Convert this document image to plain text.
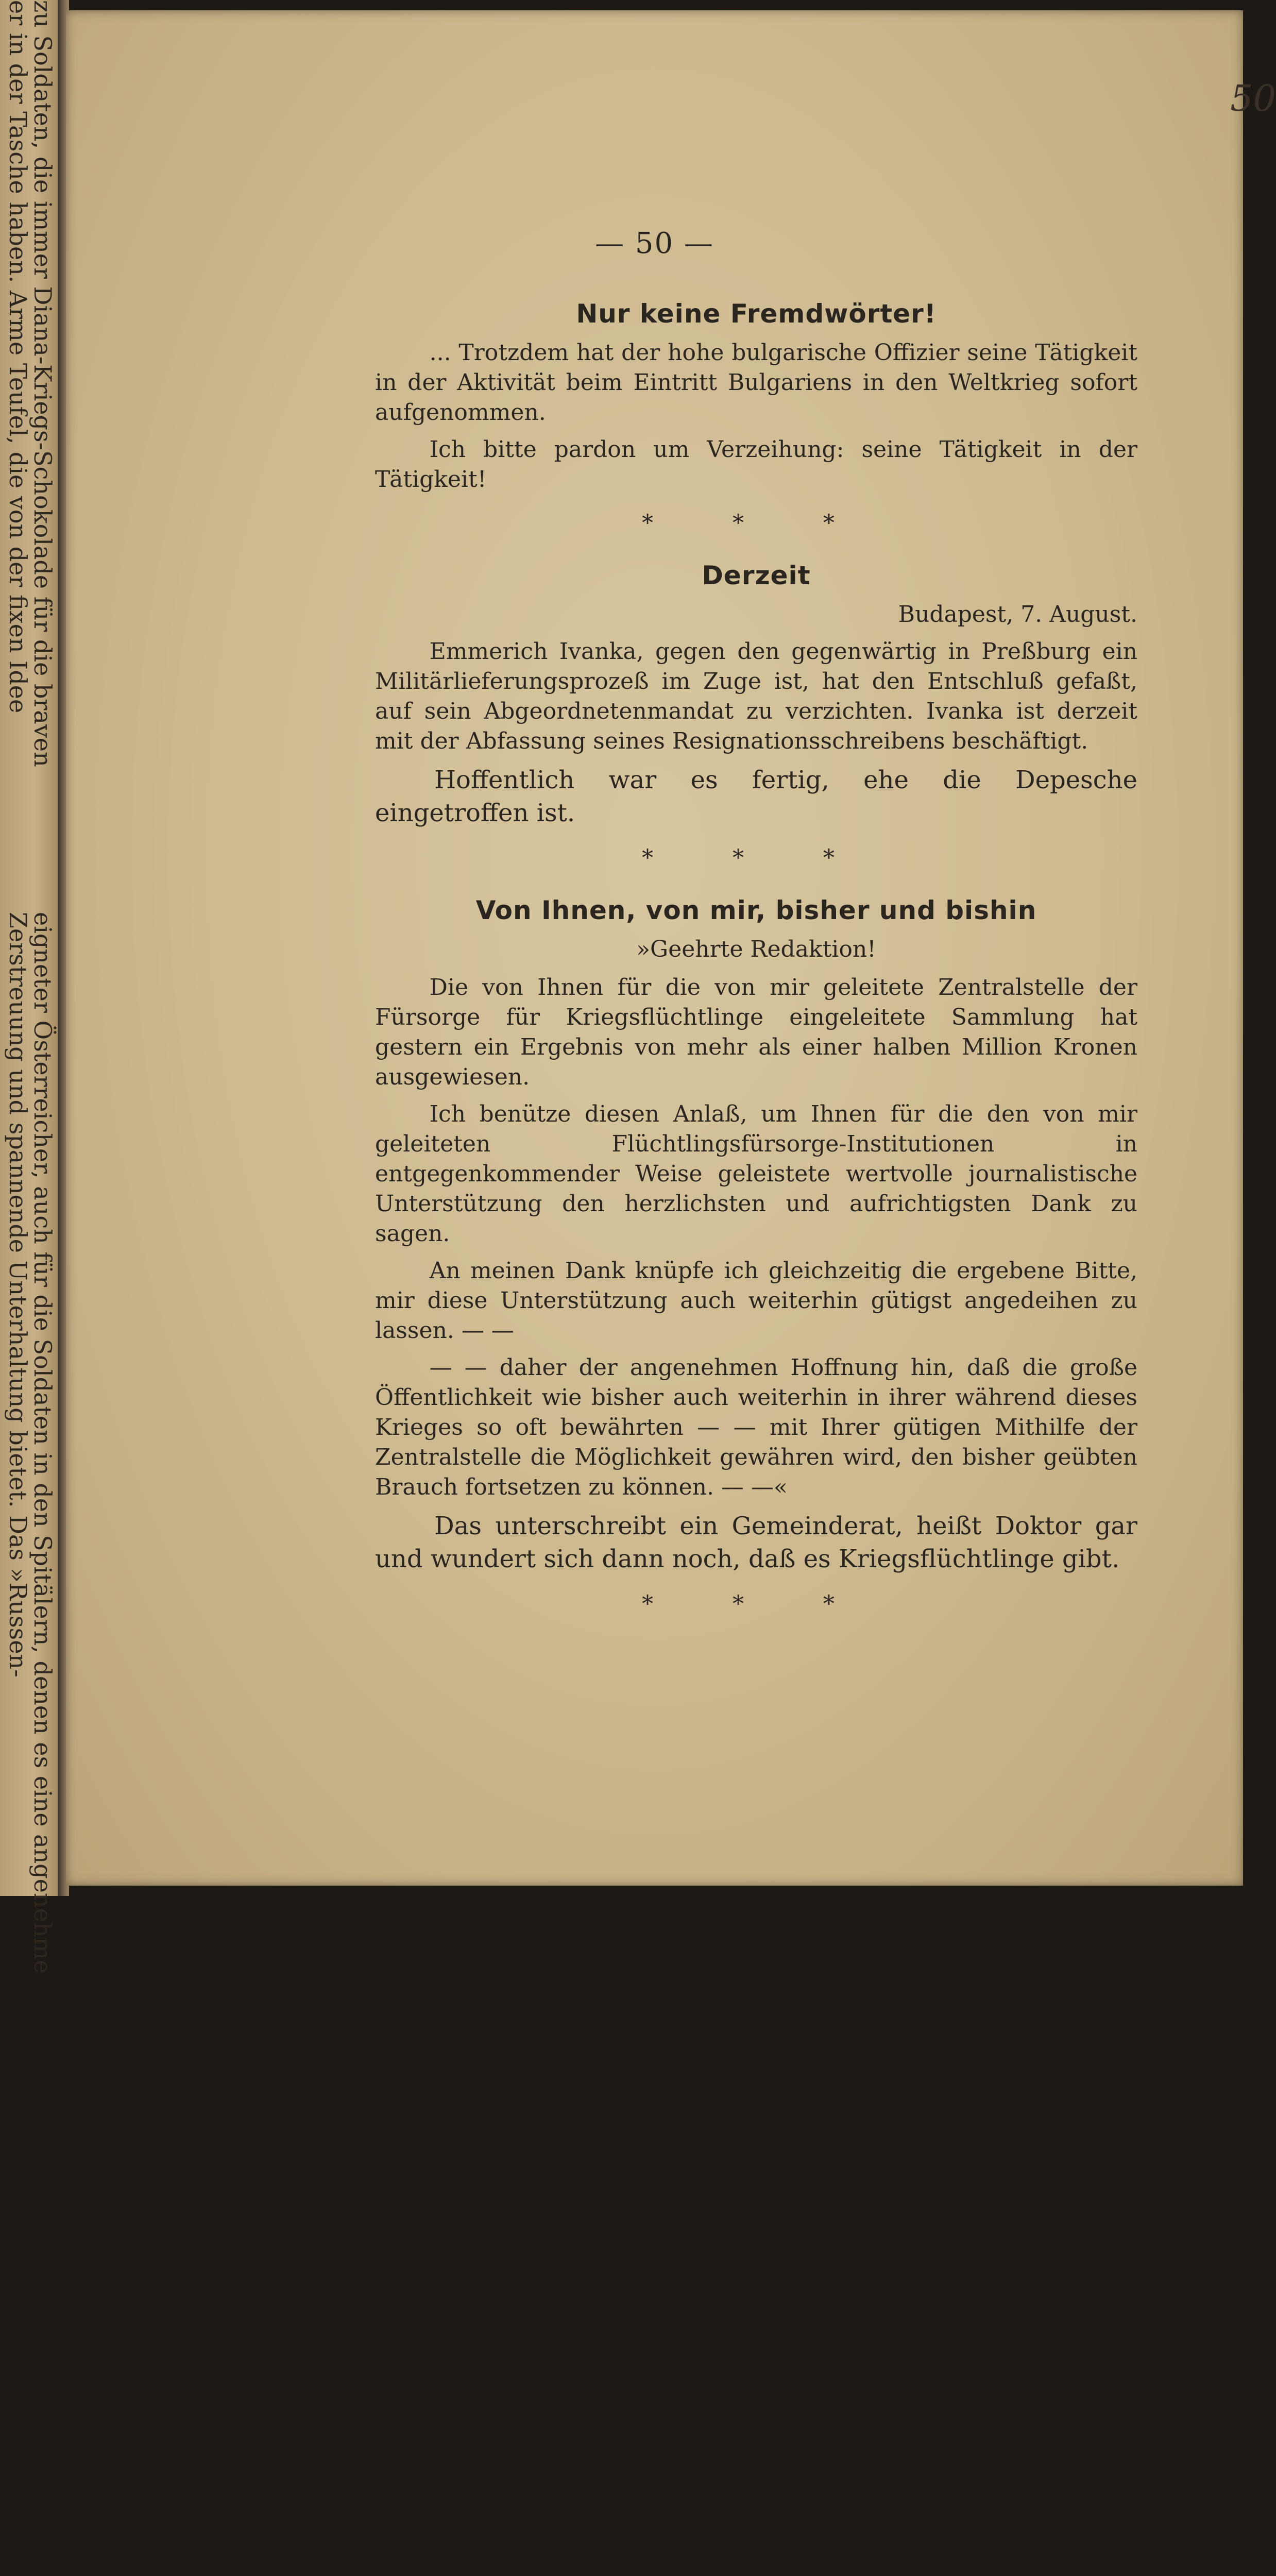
zu Soldaten, die immer Diana-Kriegs-Schokolade für die braven
er in der Tasche haben. Arme Teufel, die von der fixen Idee
eigneter Österreicher, auch für die Soldaten in den Spitälern, denen es eine angenehme
Zerstreuung und spannende Unterhaltung bietet. Das »Russen-
50
— 50 —
Nur keine Fremdwörter!

... Trotzdem hat der hohe bulgarische Offizier seine Tätigkeit in der Aktivität beim Eintritt Bulgariens in den Weltkrieg sofort aufgenommen.

Ich bitte pardon um Verzeihung: seine Tätigkeit in der Tätigkeit!

* * *
Derzeit

Budapest, 7. August.

Emmerich Ivanka, gegen den gegenwärtig in Preßburg ein Militärlieferungsprozeß im Zuge ist, hat den Entschluß gefaßt, auf sein Abgeordnetenmandat zu verzichten. Ivanka ist derzeit mit der Abfassung seines Resignationsschreibens beschäftigt.

Hoffentlich war es fertig, ehe die Depesche eingetroffen ist.

* * *
Von Ihnen, von mir, bisher und bishin

»Geehrte Redaktion!

Die von Ihnen für die von mir geleitete Zentralstelle der Fürsorge für Kriegsflüchtlinge eingeleitete Sammlung hat gestern ein Ergebnis von mehr als einer halben Million Kronen ausgewiesen.

Ich benütze diesen Anlaß, um Ihnen für die den von mir geleiteten Flüchtlingsfürsorge-Institutionen in entgegenkommender Weise geleistete wertvolle journalistische Unterstützung den herzlichsten und aufrichtigsten Dank zu sagen.

An meinen Dank knüpfe ich gleichzeitig die ergebene Bitte, mir diese Unterstützung auch weiterhin gütigst angedeihen zu lassen. — —

— — daher der angenehmen Hoffnung hin, daß die große Öffentlichkeit wie bisher auch weiterhin in ihrer während dieses Krieges so oft bewährten — — mit Ihrer gütigen Mithilfe der Zentralstelle die Möglichkeit gewähren wird, den bisher geübten Brauch fortsetzen zu können. — —«

Das unterschreibt ein Gemeinderat, heißt Doktor gar und wundert sich dann noch, daß es Kriegsflüchtlinge gibt.

* * *
